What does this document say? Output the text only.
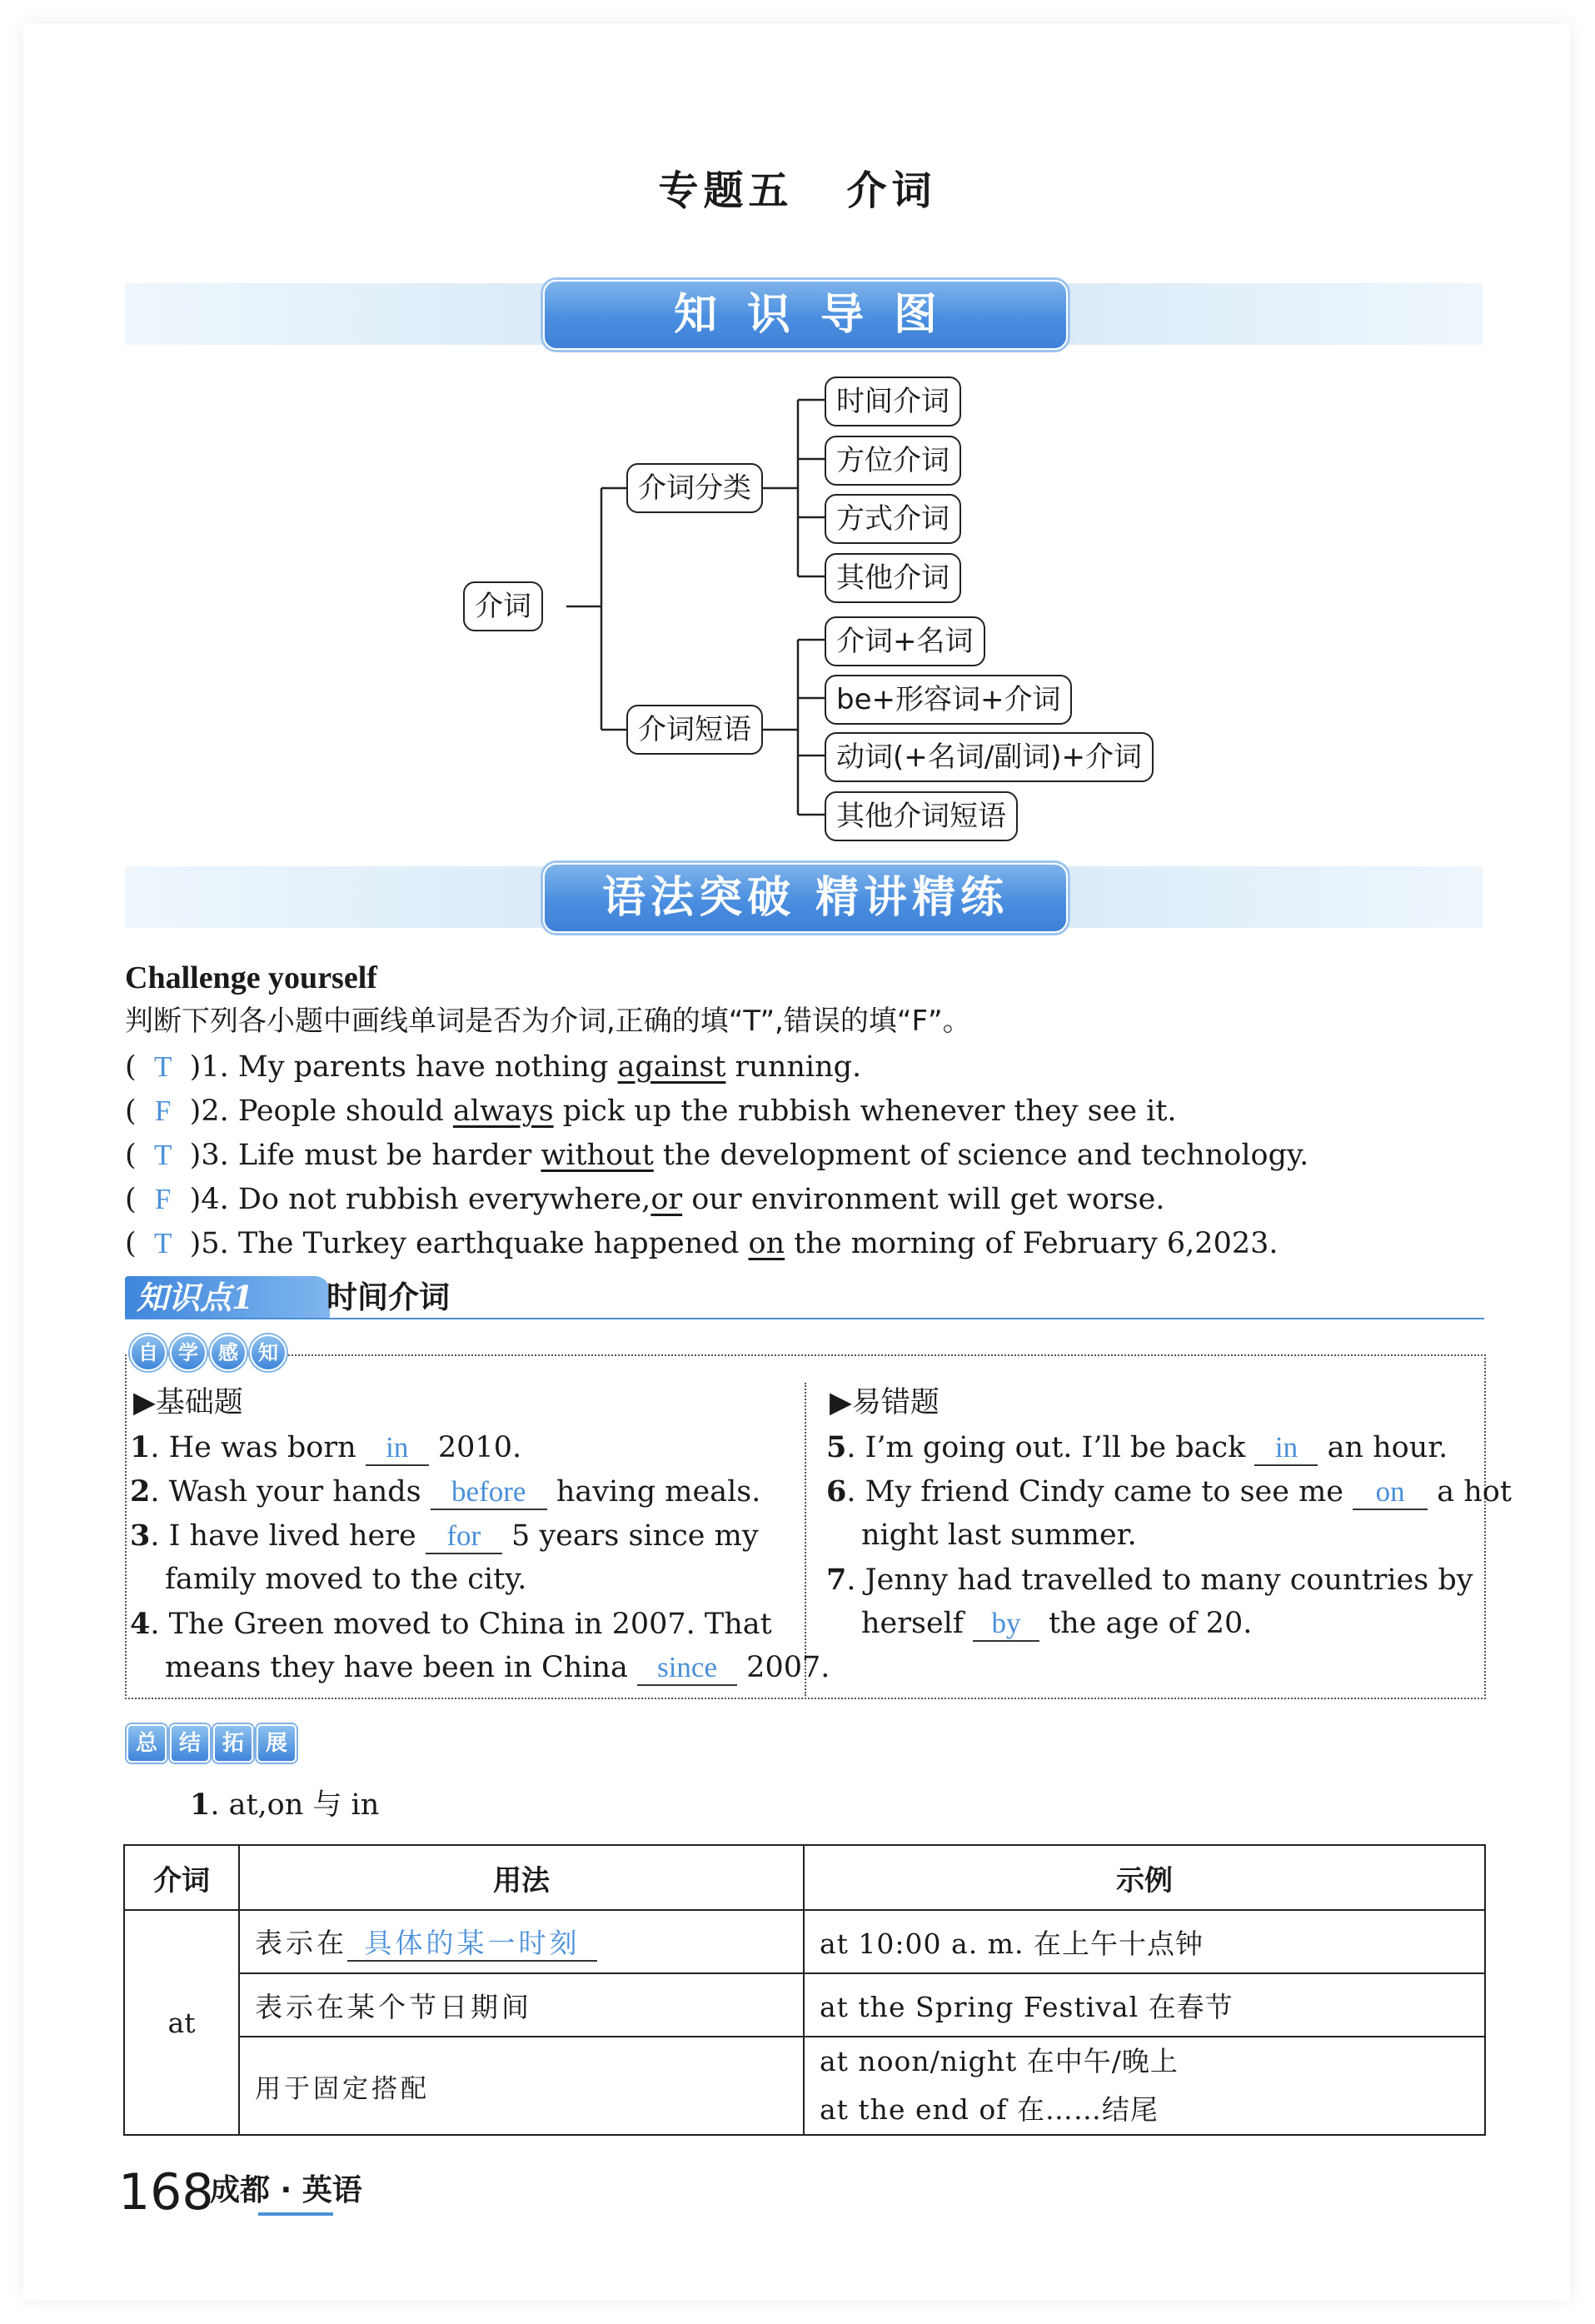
专题五 介词
知识导图
介词
介词分类
介词短语
时间介词
方位介词
方式介词
其他介词
介词+名词
be+形容词+介词
动词(+名词/副词)+介词
其他介词短语
语法突破 精讲精练
Challenge yourself
判断下列各小题中画线单词是否为介词,正确的填“T”,错误的填“F”。
( T )1. My parents have nothing against running.
( F )2. People should always pick up the rubbish whenever they see it.
( T )3. Life must be harder without the development of science and technology.
( F )4. Do not rubbish everywhere,or our environment will get worse.
( T )5. The Turkey earthquake happened on the morning of February 6,2023.
知识点1	时间介词
自	学	感	知
▶基础题
1. He was born in 2010.
2. Wash your hands before having meals.
3. I have lived here for 5 years since my
family moved to the city.
4. The Green moved to China in 2007. That
means they have been in China since 2007.
▶易错题
5. I’m going out. I’ll be back in an hour.
6. My friend Cindy came to see me on a hot
night last summer.
7. Jenny had travelled to many countries by
herself by the age of 20.
总 结 拓 展
1. at,on 与 in
介词	用法	示例
at	表示在 具体的某一时刻	at 10:00 a. m. 在上午十点钟
	表示在某个节日期间	at the Spring Festival 在春节
	用于固定搭配	at noon/night 在中午/晚上
at the end of 在……结尾
168
成都 · 英语
